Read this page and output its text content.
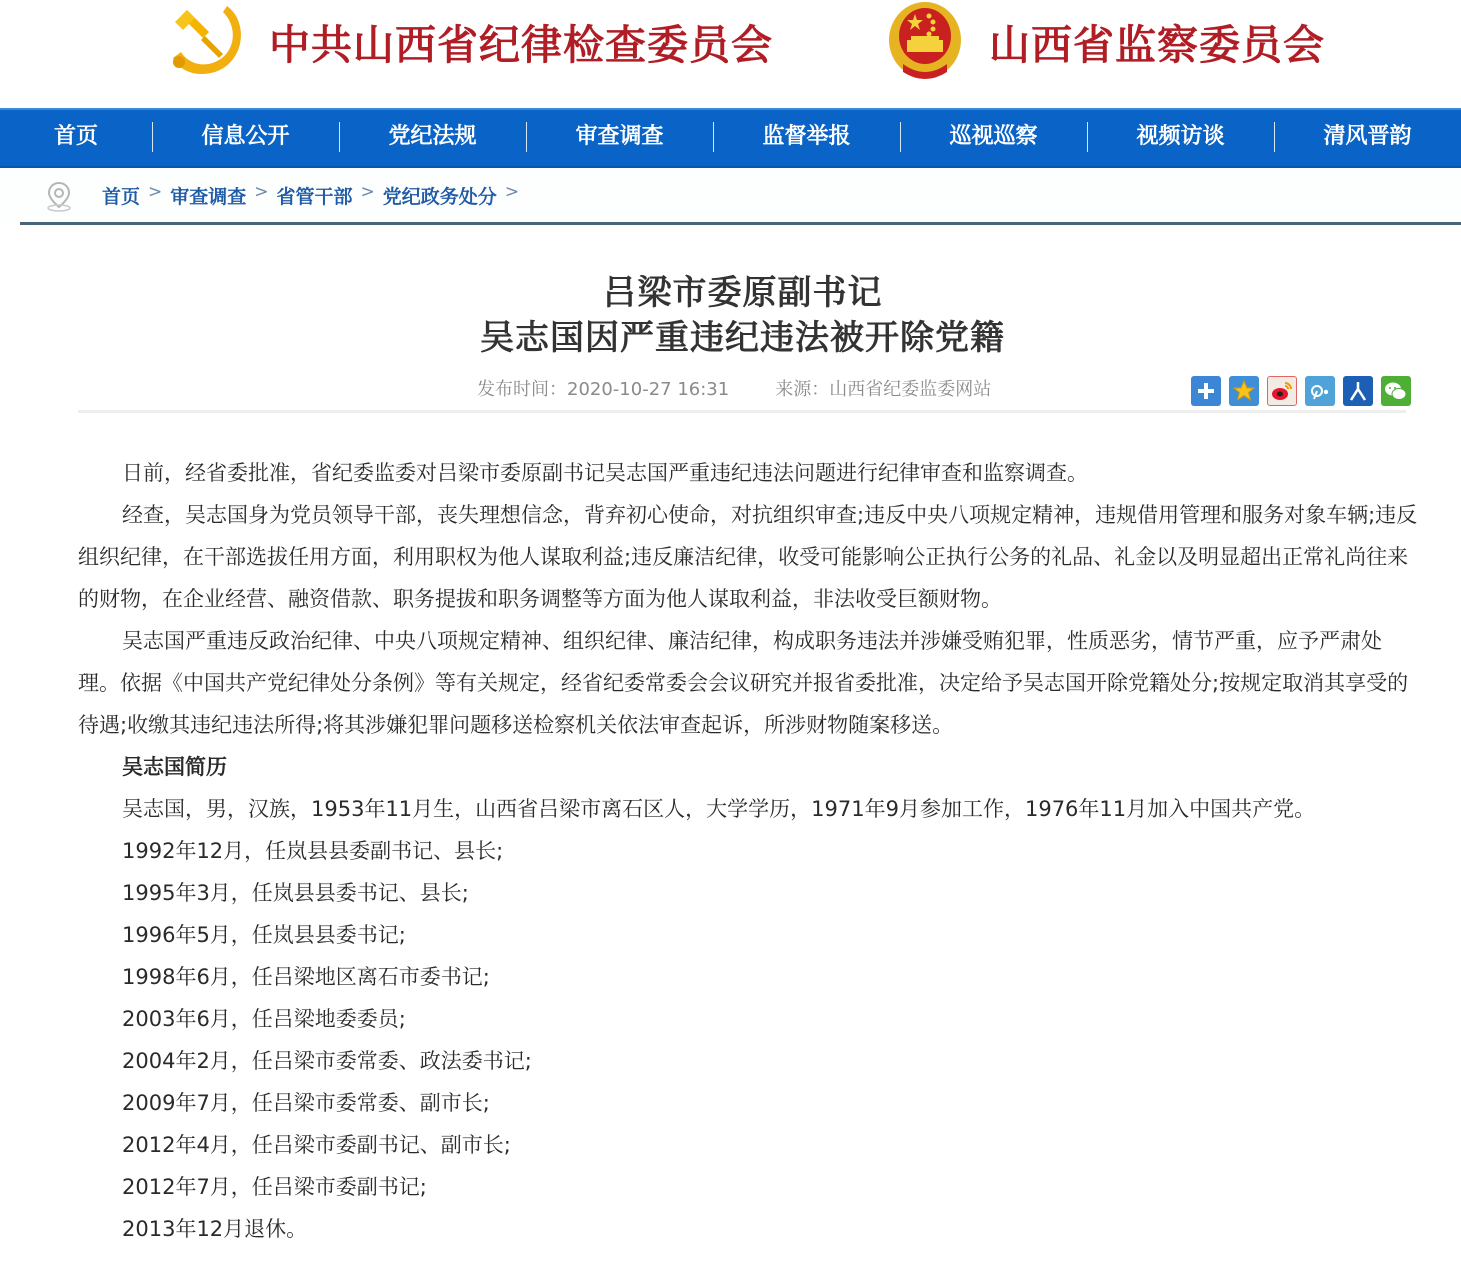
中共山西省纪律检查委员会	山西省监察委员会
首页	信息公开	党纪法规	审查调查	监督举报	巡视巡察	视频访谈	清风晋韵
首页 > 审查调查 > 省管干部 > 党纪政务处分 >
吕梁市委原副书记
吴志国因严重违纪违法被开除党籍
发布时间：2020-10-27 16:31	来源：山西省纪委监委网站

日前，经省委批准，省纪委监委对吕梁市委原副书记吴志国严重违纪违法问题进行纪律审查和监察调查。

经查，吴志国身为党员领导干部，丧失理想信念，背弃初心使命，对抗组织审查;违反中央八项规定精神，违规借用管理和服务对象车辆;违反组织纪律，在干部选拔任用方面，利用职权为他人谋取利益;违反廉洁纪律，收受可能影响公正执行公务的礼品、礼金以及明显超出正常礼尚往来的财物，在企业经营、融资借款、职务提拔和职务调整等方面为他人谋取利益，非法收受巨额财物。

吴志国严重违反政治纪律、中央八项规定精神、组织纪律、廉洁纪律，构成职务违法并涉嫌受贿犯罪，性质恶劣，情节严重，应予严肃处理。依据《中国共产党纪律处分条例》等有关规定，经省纪委常委会会议研究并报省委批准，决定给予吴志国开除党籍处分;按规定取消其享受的待遇;收缴其违纪违法所得;将其涉嫌犯罪问题移送检察机关依法审查起诉，所涉财物随案移送。

吴志国简历

吴志国，男，汉族，1953年11月生，山西省吕梁市离石区人，大学学历，1971年9月参加工作，1976年11月加入中国共产党。

1992年12月，任岚县县委副书记、县长;

1995年3月，任岚县县委书记、县长;

1996年5月，任岚县县委书记;

1998年6月，任吕梁地区离石市委书记;

2003年6月，任吕梁地委委员;

2004年2月，任吕梁市委常委、政法委书记;

2009年7月，任吕梁市委常委、副市长;

2012年4月，任吕梁市委副书记、副市长;

2012年7月，任吕梁市委副书记;

2013年12月退休。
